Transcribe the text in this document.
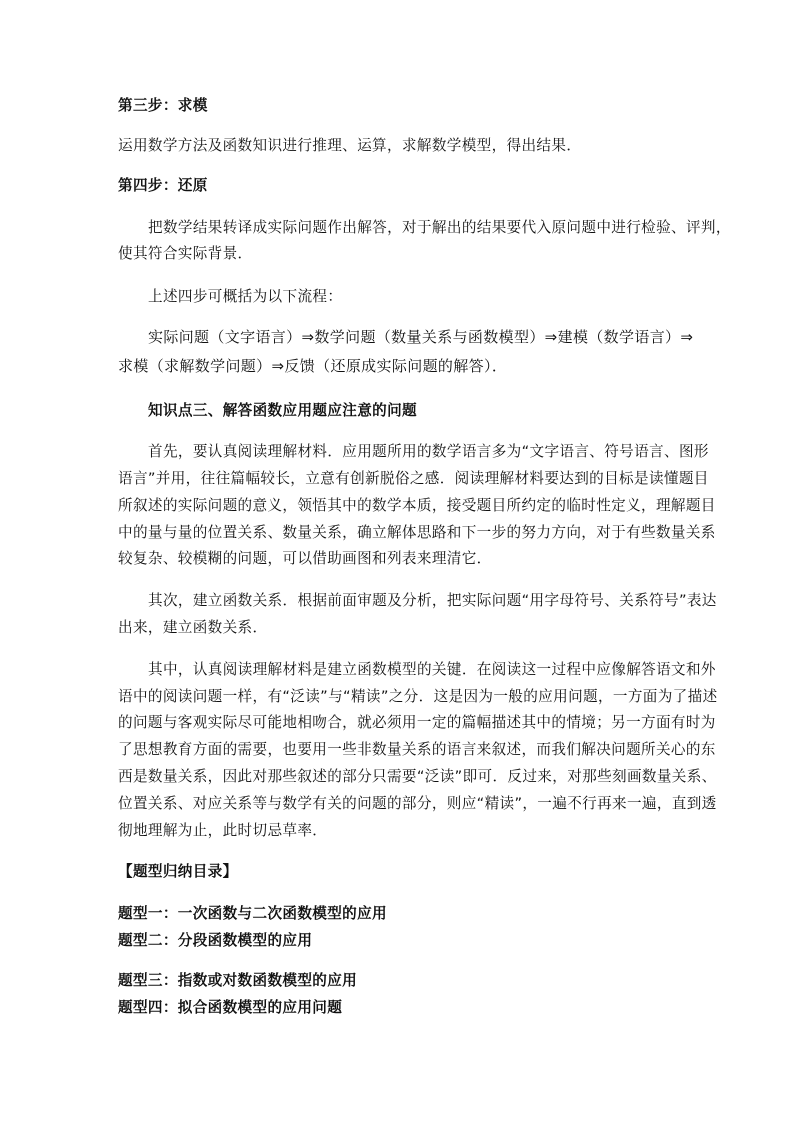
第三步：求模
运用数学方法及函数知识进行推理、运算，求解数学模型，得出结果．
第四步：还原
把数学结果转译成实际问题作出解答，对于解出的结果要代入原问题中进行检验、评判，
使其符合实际背景．
上述四步可概括为以下流程：
实际问题（文字语言）⇒数学问题（数量关系与函数模型）⇒建模（数学语言）⇒
求模（求解数学问题）⇒反馈（还原成实际问题的解答）．
知识点三、解答函数应用题应注意的问题
首先，要认真阅读理解材料．应用题所用的数学语言多为“文字语言、符号语言、图形
语言”并用，往往篇幅较长，立意有创新脱俗之感．阅读理解材料要达到的目标是读懂题目
所叙述的实际问题的意义，领悟其中的数学本质，接受题目所约定的临时性定义，理解题目
中的量与量的位置关系、数量关系，确立解体思路和下一步的努力方向，对于有些数量关系
较复杂、较模糊的问题，可以借助画图和列表来理清它．
其次，建立函数关系．根据前面审题及分析，把实际问题“用字母符号、关系符号”表达
出来，建立函数关系．
其中，认真阅读理解材料是建立函数模型的关键．在阅读这一过程中应像解答语文和外
语中的阅读问题一样，有“泛读”与“精读”之分．这是因为一般的应用问题，一方面为了描述
的问题与客观实际尽可能地相吻合，就必须用一定的篇幅描述其中的情境；另一方面有时为
了思想教育方面的需要，也要用一些非数量关系的语言来叙述，而我们解决问题所关心的东
西是数量关系，因此对那些叙述的部分只需要“泛读”即可．反过来，对那些刻画数量关系、
位置关系、对应关系等与数学有关的问题的部分，则应“精读”，一遍不行再来一遍，直到透
彻地理解为止，此时切忌草率．
【题型归纳目录】
题型一：一次函数与二次函数模型的应用
题型二：分段函数模型的应用
题型三：指数或对数函数模型的应用
题型四：拟合函数模型的应用问题
